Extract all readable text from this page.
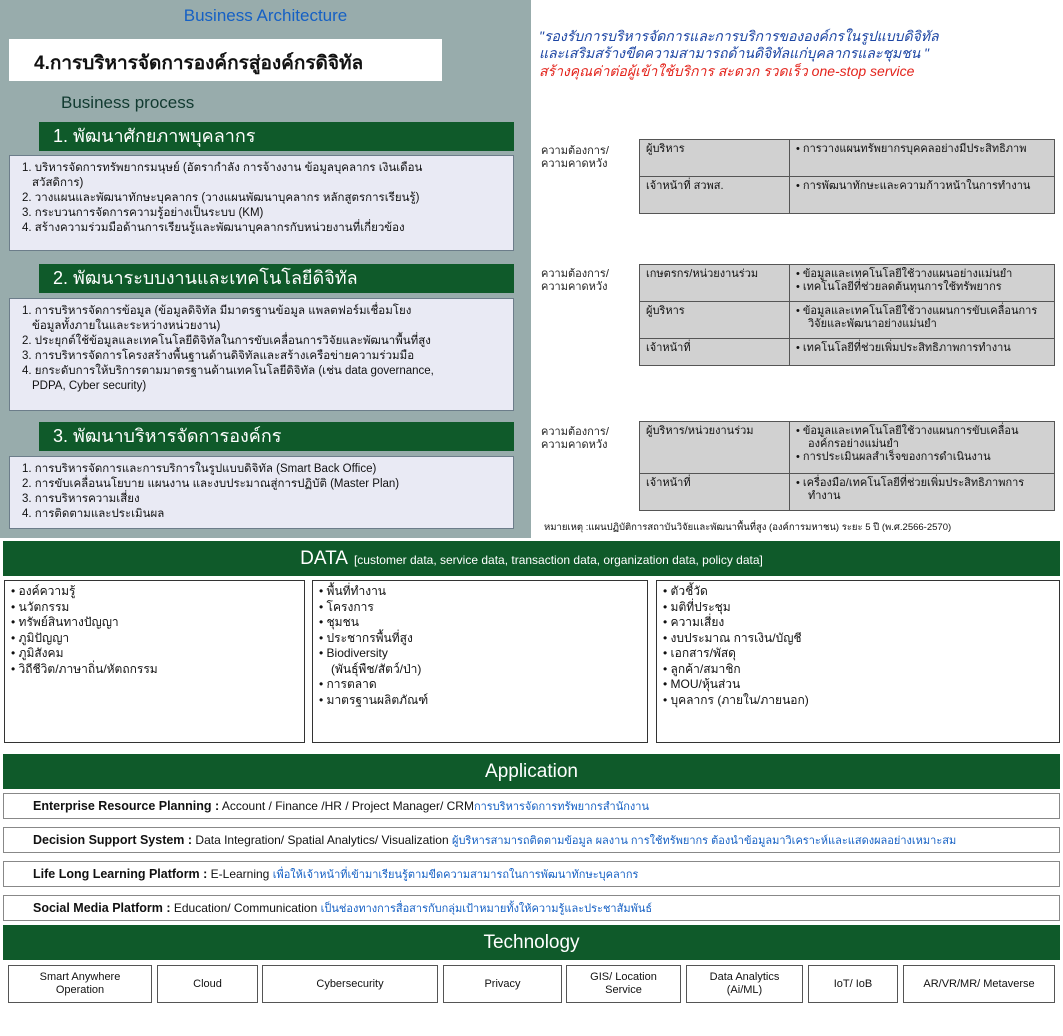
Business Architecture
4.การบริหารจัดการองค์กรสู่องค์กรดิจิทัล
Business process
1. พัฒนาศักยภาพบุคลากร
1. บริหารจัดการทรัพยากรมนุษย์ (อัตรากำลัง การจ้างงาน ข้อมูลบุคลากร เงินเดือน
สวัสดิการ)
2. วางแผนและพัฒนาทักษะบุคลากร (วางแผนพัฒนาบุคลากร หลักสูตรการเรียนรู้)
3. กระบวนการจัดการความรู้อย่างเป็นระบบ (KM)
4. สร้างความร่วมมือด้านการเรียนรู้และพัฒนาบุคลากรกับหน่วยงานที่เกี่ยวข้อง
2. พัฒนาระบบงานและเทคโนโลยีดิจิทัล
1. การบริหารจัดการข้อมูล (ข้อมูลดิจิทัล มีมาตรฐานข้อมูล แพลตฟอร์มเชื่อมโยง
ข้อมูลทั้งภายในและระหว่างหน่วยงาน)
2. ประยุกต์ใช้ข้อมูลและเทคโนโลยีดิจิทัลในการขับเคลื่อนการวิจัยและพัฒนาพื้นที่สูง
3. การบริหารจัดการโครงสร้างพื้นฐานด้านดิจิทัลและสร้างเครือข่ายความร่วมมือ
4. ยกระดับการให้บริการตามมาตรฐานด้านเทคโนโลยีดิจิทัล (เช่น data governance,
PDPA, Cyber security)
3. พัฒนาบริหารจัดการองค์กร
1. การบริหารจัดการและการบริการในรูปแบบดิจิทัล (Smart Back Office)
2. การขับเคลื่อนนโยบาย แผนงาน และงบประมาณสู่การปฏิบัติ (Master Plan)
3. การบริหารความเสี่ยง
4. การติดตามและประเมินผล
"รองรับการบริหารจัดการและการบริการขององค์กรในรูปแบบดิจิทัล
และเสริมสร้างขีดความสามารถด้านดิจิทัลแก่บุคลากรและชุมชน "
สร้างคุณค่าต่อผู้เข้าใช้บริการ สะดวก รวดเร็ว one-stop service
ความต้องการ/
ความคาดหวัง
ผู้บริหาร	• การวางแผนทรัพยากรบุคคลอย่างมีประสิทธิภาพ

เจ้าหน้าที่ สวพส.	• การพัฒนาทักษะและความก้าวหน้าในการทำงาน
ความต้องการ/
ความคาดหวัง
เกษตรกร/หน่วยงานร่วม	• ข้อมูลและเทคโนโลยีใช้วางแผนอย่างแม่นยำ
• เทคโนโลยีที่ช่วยลดต้นทุนการใช้ทรัพยากร

ผู้บริหาร	• ข้อมูลและเทคโนโลยีใช้วางแผนการขับเคลื่อนการวิจัยและพัฒนาอย่างแม่นยำ

เจ้าหน้าที่	• เทคโนโลยีที่ช่วยเพิ่มประสิทธิภาพการทำงาน
ความต้องการ/
ความคาดหวัง
ผู้บริหาร/หน่วยงานร่วม	• ข้อมูลและเทคโนโลยีใช้วางแผนการขับเคลื่อนองค์กรอย่างแม่นยำ
• การประเมินผลสำเร็จของการดำเนินงาน

เจ้าหน้าที่	• เครื่องมือ/เทคโนโลยีที่ช่วยเพิ่มประสิทธิภาพการทำงาน
หมายเหตุ :แผนปฏิบัติการสถาบันวิจัยและพัฒนาพื้นที่สูง (องค์การมหาชน) ระยะ 5 ปี (พ.ศ.2566-2570)
DATA [customer data, service data, transaction data, organization data, policy data]
• องค์ความรู้
• นวัตกรรม
• ทรัพย์สินทางปัญญา
• ภูมิปัญญา
• ภูมิสังคม
• วิถีชีวิต/ภาษาถิ่น/หัตถกรรม
• พื้นที่ทำงาน
• โครงการ
• ชุมชน
• ประชากรพื้นที่สูง
• Biodiversity
(พันธุ์พืช/สัตว์/ป่า)
• การตลาด
• มาตรฐานผลิตภัณฑ์
• ตัวชี้วัด
• มติที่ประชุม
• ความเสี่ยง
• งบประมาณ การเงิน/บัญชี
• เอกสาร/พัสดุ
• ลูกค้า/สมาชิก
• MOU/หุ้นส่วน
• บุคลากร (ภายใน/ภายนอก)
Application
Enterprise Resource Planning : Account / Finance /HR / Project Manager/ CRMการบริหารจัดการทรัพยากรสำนักงาน
Decision Support System : Data Integration/ Spatial Analytics/ Visualization ผู้บริหารสามารถติดตามข้อมูล ผลงาน การใช้ทรัพยากร ต้องนำข้อมูลมาวิเคราะห์และแสดงผลอย่างเหมาะสม
Life Long Learning Platform : E-Learning เพื่อให้เจ้าหน้าที่เข้ามาเรียนรู้ตามขีดความสามารถในการพัฒนาทักษะบุคลากร
Social Media Platform : Education/ Communication เป็นช่องทางการสื่อสารกับกลุ่มเป้าหมายทั้งให้ความรู้และประชาสัมพันธ์
Technology
Smart Anywhere
Operation
Cloud	Cybersecurity	Privacy
GIS/ Location
Service
Data Analytics
(Ai/ML)
IoT/ IoB	AR/VR/MR/ Metaverse
